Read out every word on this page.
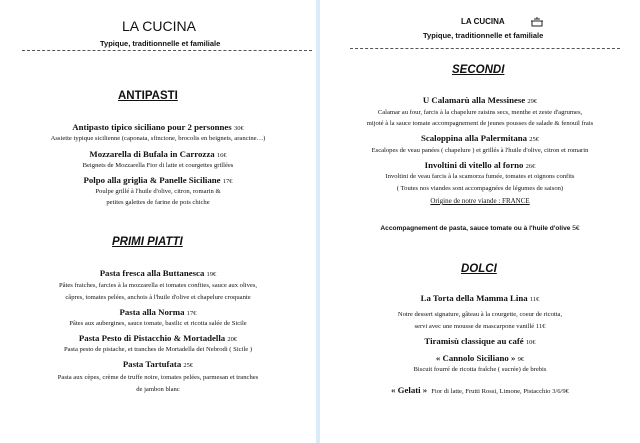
LA CUCINA
Typique, traditionnelle et familiale
ANTIPASTI
Antipasto tipico siciliano pour 2 personnes 30€
Assiette typique sicilienne (caponata, sfincione, brocolis en beignets, arancine…)
Mozzarella di Bufala in Carrozza 16€
Beignets de Mozzarella Fior di latte et courgettes grillées
Polpo alla griglia & Panelle Siciliane 17€
Poulpe grillé à l'huile d'olive, citron, romarin &
petites galettes de farine de pois chiche
PRIMI PIATTI
Pasta fresca alla Buttanesca 19€
Pâtes fraiches, farcies à la mozzarella et tomates confites, sauce aux olives,
câpres, tomates pelées, anchois à l'huile d'olive et chapelure croquante
Pasta alla Norma 17€
Pâtes aux aubergines, sauce tomate, basilic et ricotta salée de Sicile
Pasta Pesto di Pistacchio & Mortadella 20€
Pasta pesto de pistache, et tranches de Mortadella dei Nebrodi ( Sicile )
Pasta Tartufata 25€
Pasta aux cèpes, crème de truffe noire, tomates pelées, parmesan et tranches
de jambon blanc
LA CUCINA
Typique, traditionnelle et familiale
SECONDI
U Calamarù alla Messinese 29€
Calamar au four, farcis à la chapelure raisins secs, menthe et zeste d'agrumes,
mijoté à la sauce tomate accompagnement de jeunes pousses de salade & fenouil frais
Scaloppina alla Palermitana 25€
Escalopes de veau panées ( chapelure ) et grillés à l'huile d'olive, citron et romarin
Involtini di vitello al forno 26€
Involtini de veau farcis à la scamorza fumée, tomates et oignons confits
( Toutes nos viandes sont accompagnées de légumes de saison)
Origine de notre viande : FRANCE
Accompagnement de pasta, sauce tomate ou à l'huile d'olive 5€
DOLCI
La Torta della Mamma Lina 11€
Notre dessert signature, gâteau à la courgette, coeur de ricotta,
servi avec une mousse de mascarpone vanillé 11€
Tiramisù classique au café 10€
« Cannolo Siciliano » 9€
Biscuit fourré de ricotta fraîche ( sucrée) de brebis
« Gelati » Fior di latte, Frutti Rossi, Limone, Pistacchio 3/6/9€
